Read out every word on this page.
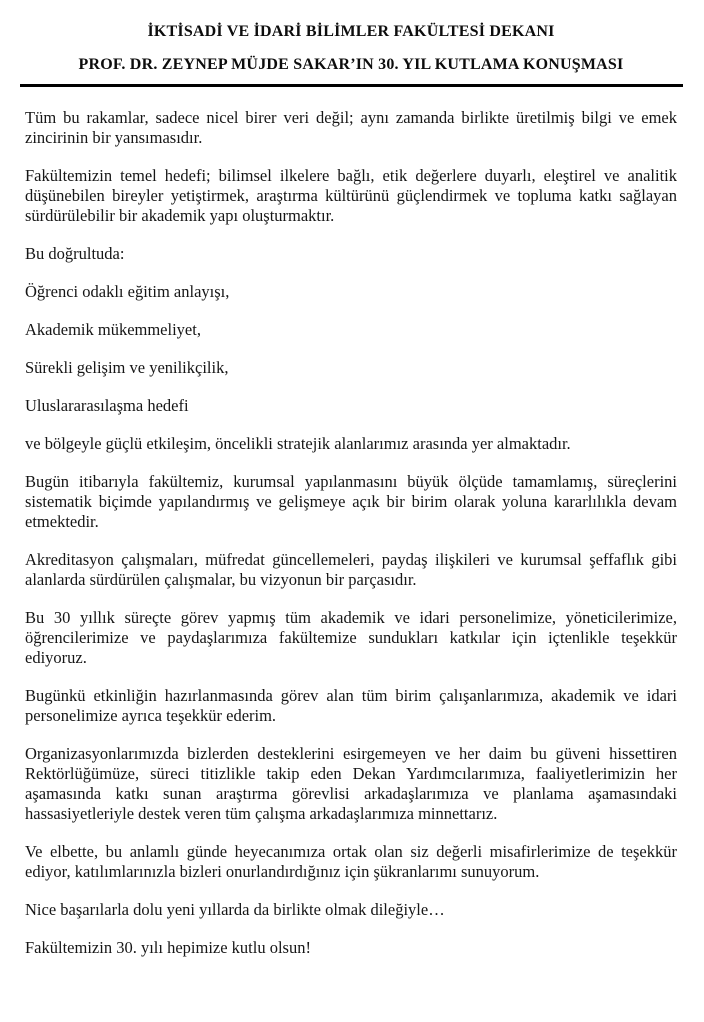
İKTİSADİ VE İDARİ BİLİMLER FAKÜLTESİ DEKANI
PROF. DR. ZEYNEP MÜJDE SAKAR’IN 30. YIL KUTLAMA KONUŞMASI

Tüm bu rakamlar, sadece nicel birer veri değil; aynı zamanda birlikte üretilmiş bilgi ve emek zincirinin bir yansımasıdır.

Fakültemizin temel hedefi; bilimsel ilkelere bağlı, etik değerlere duyarlı, eleştirel ve analitik düşünebilen bireyler yetiştirmek, araştırma kültürünü güçlendirmek ve topluma katkı sağlayan sürdürülebilir bir akademik yapı oluşturmaktır.

Bu doğrultuda:

Öğrenci odaklı eğitim anlayışı,

Akademik mükemmeliyet,

Sürekli gelişim ve yenilikçilik,

Uluslararasılaşma hedefi

ve bölgeyle güçlü etkileşim, öncelikli stratejik alanlarımız arasında yer almaktadır.

Bugün itibarıyla fakültemiz, kurumsal yapılanmasını büyük ölçüde tamamlamış, süreçlerini sistematik biçimde yapılandırmış ve gelişmeye açık bir birim olarak yoluna kararlılıkla devam etmektedir.

Akreditasyon çalışmaları, müfredat güncellemeleri, paydaş ilişkileri ve kurumsal şeffaflık gibi alanlarda sürdürülen çalışmalar, bu vizyonun bir parçasıdır.

Bu 30 yıllık süreçte görev yapmış tüm akademik ve idari personelimize, yöneticilerimize, öğrencilerimize ve paydaşlarımıza fakültemize sundukları katkılar için içtenlikle teşekkür ediyoruz.

Bugünkü etkinliğin hazırlanmasında görev alan tüm birim çalışanlarımıza, akademik ve idari personelimize ayrıca teşekkür ederim.

Organizasyonlarımızda bizlerden desteklerini esirgemeyen ve her daim bu güveni hissettiren Rektörlüğümüze, süreci titizlikle takip eden Dekan Yardımcılarımıza, faaliyetlerimizin her aşamasında katkı sunan araştırma görevlisi arkadaşlarımıza ve planlama aşamasındaki hassasiyetleriyle destek veren tüm çalışma arkadaşlarımıza minnettarız.

Ve elbette, bu anlamlı günde heyecanımıza ortak olan siz değerli misafirlerimize de teşekkür ediyor, katılımlarınızla bizleri onurlandırdığınız için şükranlarımı sunuyorum.

Nice başarılarla dolu yeni yıllarda da birlikte olmak dileğiyle…

Fakültemizin 30. yılı hepimize kutlu olsun!
